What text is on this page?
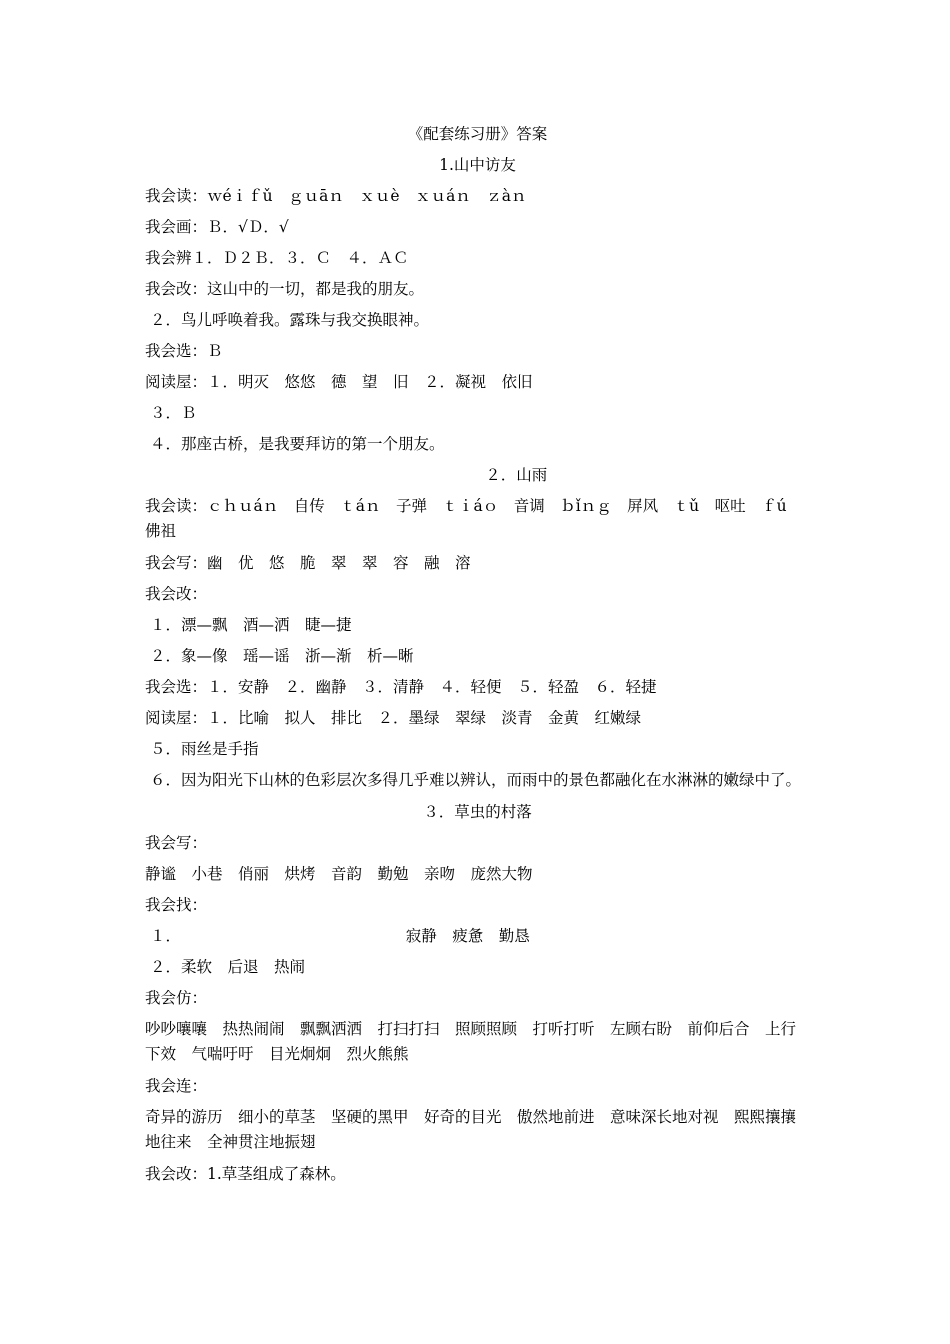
《配套练习册》答案
1.山中访友
我会读：ｗéｉｆǔ　ｇｕāｎ　ｘｕè　ｘｕáｎ　ｚàｎ
我会画：Ｂ．√Ｄ．√
我会辨１．Ｄ２Ｂ．３．Ｃ　４．ＡＣ
我会改：这山中的一切，都是我的朋友。
２．鸟儿呼唤着我。露珠与我交换眼神。
我会选：Ｂ
阅读屋：１．明灭　悠悠　德　望　旧　２．凝视　依旧
３．Ｂ
４．那座古桥，是我要拜访的第一个朋友。
　　　　　２．山雨
我会读：ｃｈｕáｎ　自传　ｔáｎ　子弹　ｔｉáｏ　音调　ｂǐｎｇ　屏风　ｔǔ　呕吐　ｆú　佛祖
我会写：幽　优　悠　脆　翠　翠　容　融　溶
我会改：
１．漂—飘　酒—洒　睫—捷
２．象—像　瑶—谣　浙—渐　析—晰
我会选：１．安静　２．幽静　３．清静　４．轻便　５．轻盈　６．轻捷
阅读屋：１．比喻　拟人　排比　２．墨绿　翠绿　淡青　金黄　红嫩绿
５．雨丝是手指
６．因为阳光下山林的色彩层次多得几乎难以辨认，而雨中的景色都融化在水淋淋的嫩绿中了。
３．草虫的村落
我会写：
静谧　小巷　俏丽　烘烤　音韵　勤勉　亲吻　庞然大物
我会找：
１．　　　　　　　　　　　　　　　寂静　疲惫　勤恳
２．柔软　后退　热闹
我会仿：
吵吵嚷嚷　热热闹闹　飘飘洒洒　打扫打扫　照顾照顾　打听打听　左顾右盼　前仰后合　上行下效　气喘吁吁　目光炯炯　烈火熊熊
我会连：
奇异的游历　细小的草茎　坚硬的黑甲　好奇的目光　傲然地前进　意味深长地对视　熙熙攘攘地往来　全神贯注地振翅
我会改：1.草茎组成了森林。
